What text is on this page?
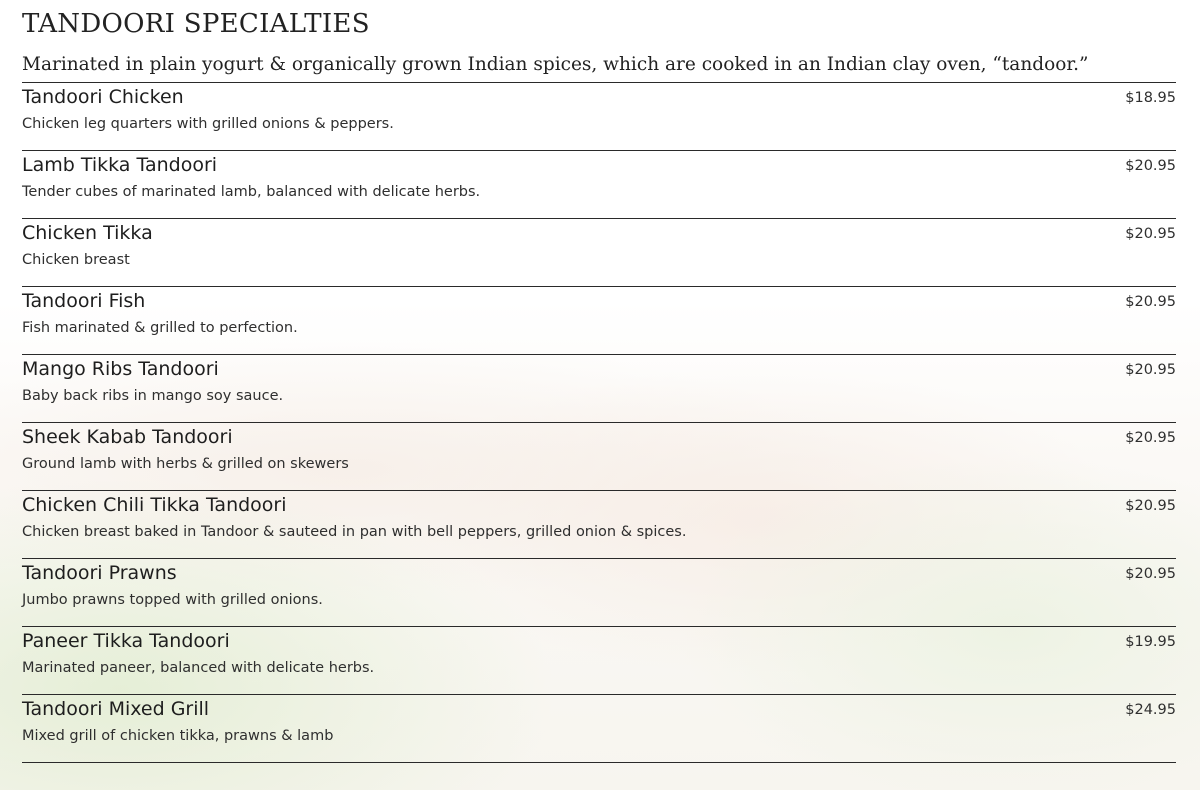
TANDOORI SPECIALTIES

Marinated in plain yogurt & organically grown Indian spices, which are cooked in an Indian clay oven, “tandoor.”

Tandoori Chicken
Chicken leg quarters with grilled onions & peppers.
$18.95
Lamb Tikka Tandoori
Tender cubes of marinated lamb, balanced with delicate herbs.
$20.95
Chicken Tikka
Chicken breast
$20.95
Tandoori Fish
Fish marinated & grilled to perfection.
$20.95
Mango Ribs Tandoori
Baby back ribs in mango soy sauce.
$20.95
Sheek Kabab Tandoori
Ground lamb with herbs & grilled on skewers
$20.95
Chicken Chili Tikka Tandoori
Chicken breast baked in Tandoor & sauteed in pan with bell peppers, grilled onion & spices.
$20.95
Tandoori Prawns
Jumbo prawns topped with grilled onions.
$20.95
Paneer Tikka Tandoori
Marinated paneer, balanced with delicate herbs.
$19.95
Tandoori Mixed Grill
Mixed grill of chicken tikka, prawns & lamb
$24.95
